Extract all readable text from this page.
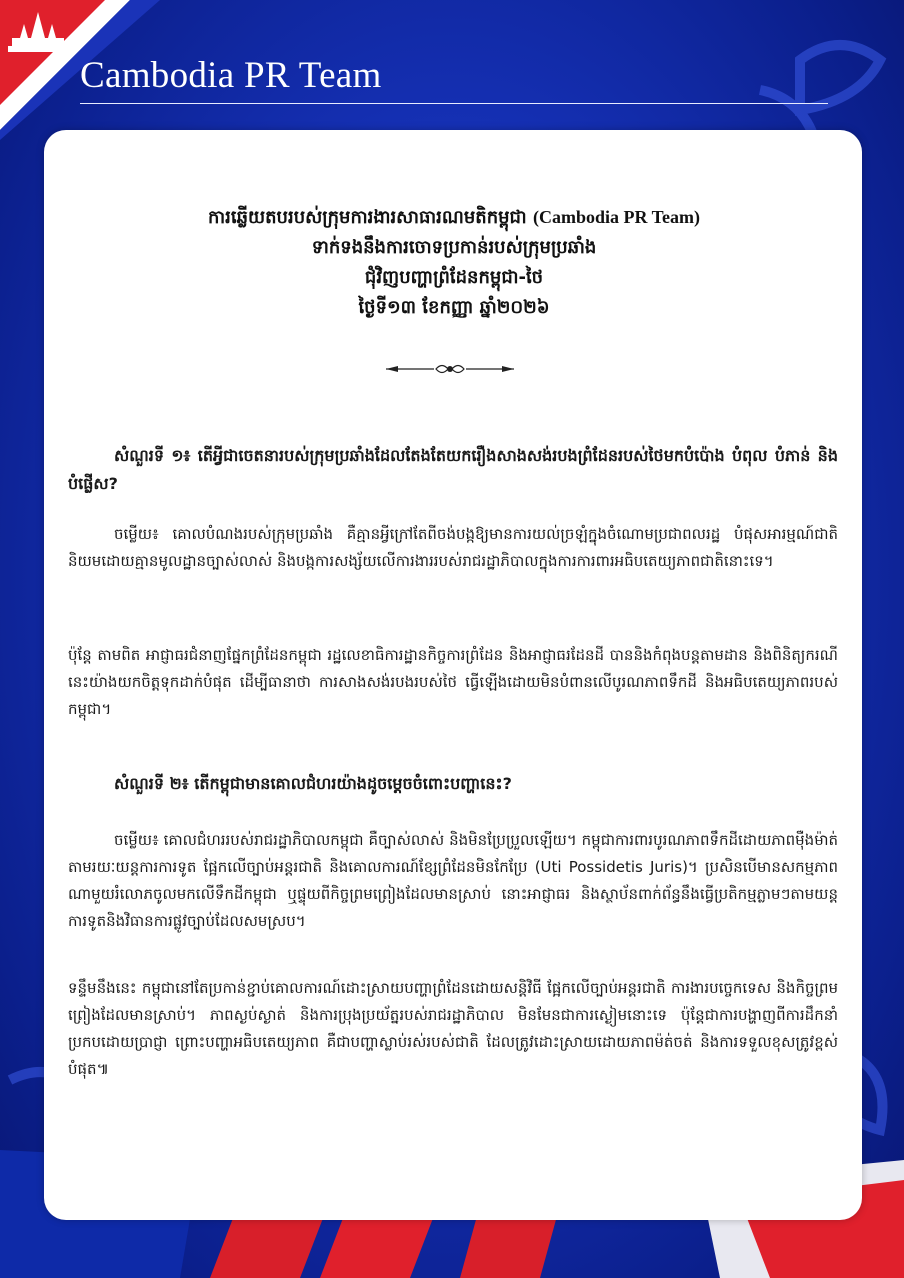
Cambodia PR Team
ការឆ្លើយតបរបស់ក្រុមការងារសាធារណមតិកម្ពុជា (Cambodia PR Team)
ទាក់ទងនឹងការចោទប្រកាន់របស់ក្រុមប្រឆាំង
ជុំវិញបញ្ហាព្រំដែនកម្ពុជា-ថៃ
ថ្ងៃទី១៣ ខែកញ្ញា ឆ្នាំ២០២៦

សំណួរទី ១៖ តើអ្វីជាចេតនារបស់ក្រុមប្រឆាំងដែលតែងតែយករឿងសាងសង់របងព្រំដែនរបស់ថៃមកបំប៉ោង បំពុល បំភាន់ និងបំផ្លើស?

ចម្លើយ៖ គោលបំណងរបស់ក្រុមប្រឆាំង គឺគ្មានអ្វីក្រៅតែពីចង់បង្កឱ្យមានការយល់ច្រឡំក្នុងចំណោមប្រជាពលរដ្ឋ បំផុសអារម្មណ៍ជាតិនិយមដោយគ្មានមូលដ្ឋានច្បាស់លាស់ និងបង្កការសង្ស័យលើការងាររបស់រាជរដ្ឋាភិបាលក្នុងការការពារអធិបតេយ្យភាពជាតិនោះទេ។

ប៉ុន្តែ តាមពិត អាជ្ញាធរជំនាញផ្នែកព្រំដែនកម្ពុជា រដ្ឋលេខាធិការដ្ឋានកិច្ចការព្រំដែន និងអាជ្ញាធរដែនដី បាននិងកំពុងបន្តតាមដាន និងពិនិត្យករណីនេះយ៉ាងយកចិត្តទុកដាក់បំផុត ដើម្បីធានាថា ការសាងសង់របងរបស់ថៃ ធ្វើឡើងដោយមិនបំពានលើបូរណភាពទឹកដី និងអធិបតេយ្យភាពរបស់កម្ពុជា។

សំណួរទី ២៖ តើកម្ពុជាមានគោលជំហរយ៉ាងដូចម្ដេចចំពោះបញ្ហានេះ?

ចម្លើយ៖ គោលជំហររបស់រាជរដ្ឋាភិបាលកម្ពុជា គឺច្បាស់លាស់ និងមិនប្រែប្រួលឡើយ។ កម្ពុជាការពារបូរណភាពទឹកដីដោយភាពម៉ឺងម៉ាត់ តាមរយៈយន្តការការទូត ផ្អែកលើច្បាប់អន្តរជាតិ និងគោលការណ៍ខ្សែព្រំដែនមិនកែប្រែ (Uti Possidetis Juris)។ ប្រសិនបើមានសកម្មភាពណាមួយរំលោភចូលមកលើទឹកដីកម្ពុជា ឬផ្ទុយពីកិច្ចព្រមព្រៀងដែលមានស្រាប់ នោះអាជ្ញាធរ និងស្ថាប័នពាក់ព័ន្ធនឹងធ្វើប្រតិកម្មភ្លាមៗតាមយន្តការទូតនិងវិធានការផ្លូវច្បាប់ដែលសមស្រប។

ទន្ទឹមនឹងនេះ កម្ពុជានៅតែប្រកាន់ខ្ជាប់គោលការណ៍ដោះស្រាយបញ្ហាព្រំដែនដោយសន្តិវិធី ផ្អែកលើច្បាប់អន្តរជាតិ ការងារបច្ចេកទេស និងកិច្ចព្រមព្រៀងដែលមានស្រាប់។ ភាពស្ងប់ស្ងាត់ និងការប្រុងប្រយ័ត្នរបស់រាជរដ្ឋាភិបាល មិនមែនជាការស្ងៀមនោះទេ ប៉ុន្តែជាការបង្ហាញពីការដឹកនាំប្រកបដោយប្រាជ្ញា ព្រោះបញ្ហាអធិបតេយ្យភាព គឺជាបញ្ហាស្លាប់រស់របស់ជាតិ ដែលត្រូវដោះស្រាយដោយភាពម៉ត់ចត់ និងការទទួលខុសត្រូវខ្ពស់បំផុត៕
